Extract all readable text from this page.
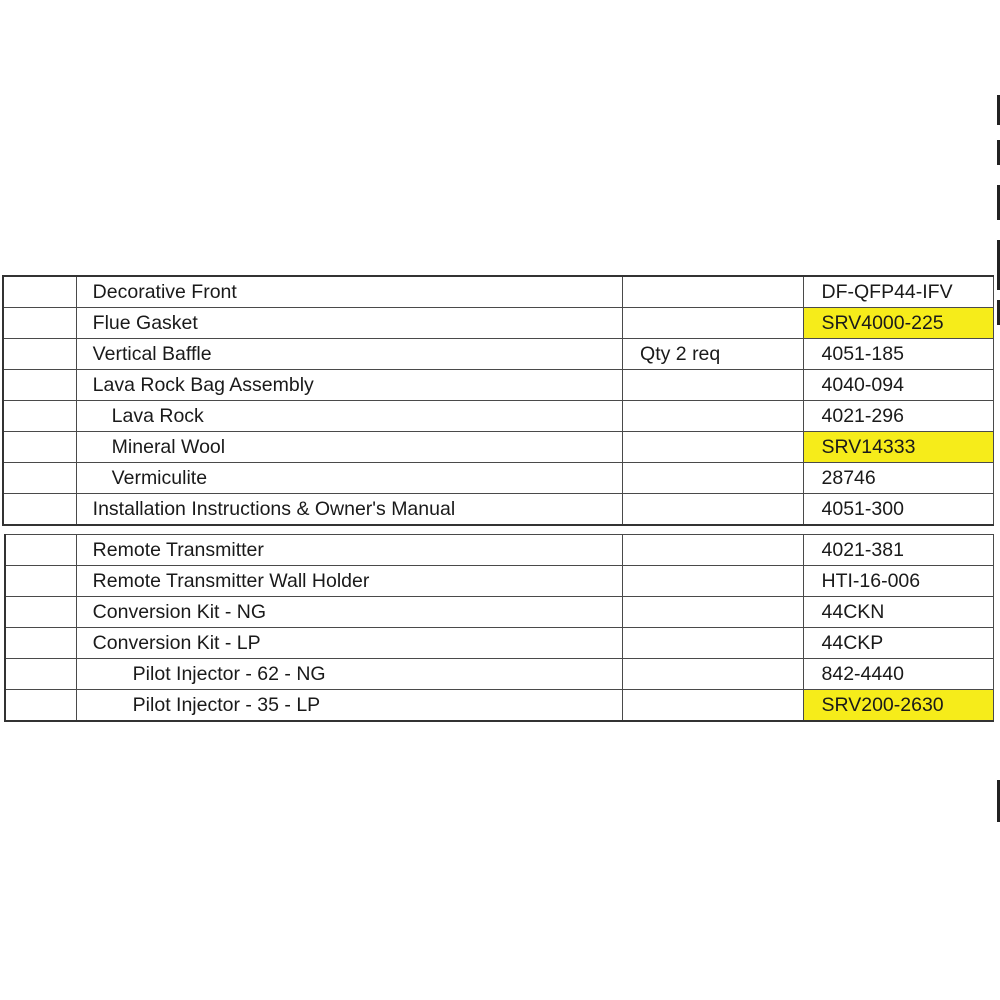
	Decorative Front		DF-QFP44-IFV

	Flue Gasket		SRV4000-225

	Vertical Baffle	Qty 2 req	4051-185

	Lava Rock Bag Assembly		4040-094

	Lava Rock		4021-296

	Mineral Wool		SRV14333

	Vermiculite		28746

	Installation Instructions & Owner's Manual		4051-300
	Remote Transmitter		4021-381

	Remote Transmitter Wall Holder		HTI-16-006

	Conversion Kit - NG		44CKN

	Conversion Kit - LP		44CKP

	Pilot Injector - 62 - NG		842-4440

	Pilot Injector - 35 - LP		SRV200-2630
